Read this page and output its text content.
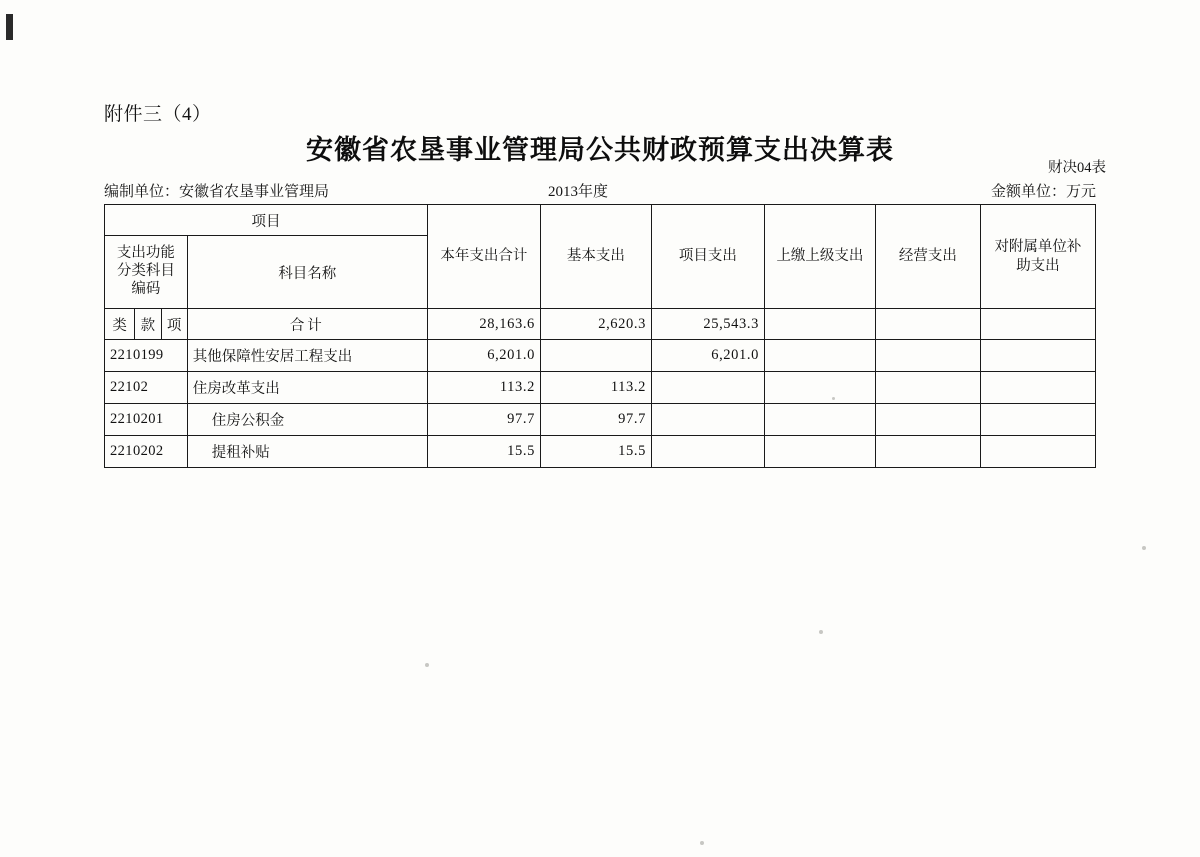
附件三（4）
安徽省农垦事业管理局公共财政预算支出决算表
财决04表
编制单位：安徽省农垦事业管理局	2013年度	金额单位：万元
项目				本年支出合计	基本支出	项目支出	上缴上级支出	经营支出	对附属单位补
助支出
支出功能
分类科目
编码			科目名称						

类	款	项	合计	28,163.6	2,620.3	25,543.3			
2210199			其他保障性安居工程支出	6,201.0		6,201.0			
22102			住房改革支出	113.2	113.2				
2210201			住房公积金	97.7	97.7				
2210202			提租补贴	15.5	15.5				
